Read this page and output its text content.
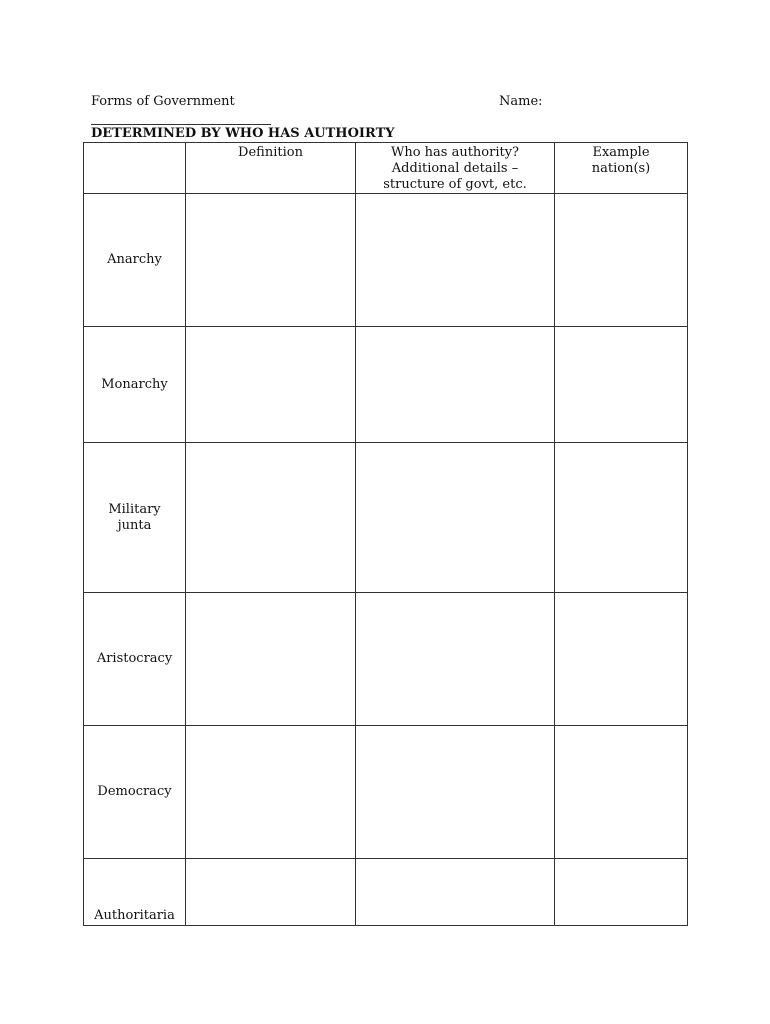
Forms of Government	Name:
DETERMINED BY WHO HAS AUTHOIRTY

	Definition	Who has authority? Additional details – structure of govt, etc.	Example nation(s)

Anarchy			

Monarchy			

Military junta			

Aristocracy			

Democracy			

Authoritaria			
